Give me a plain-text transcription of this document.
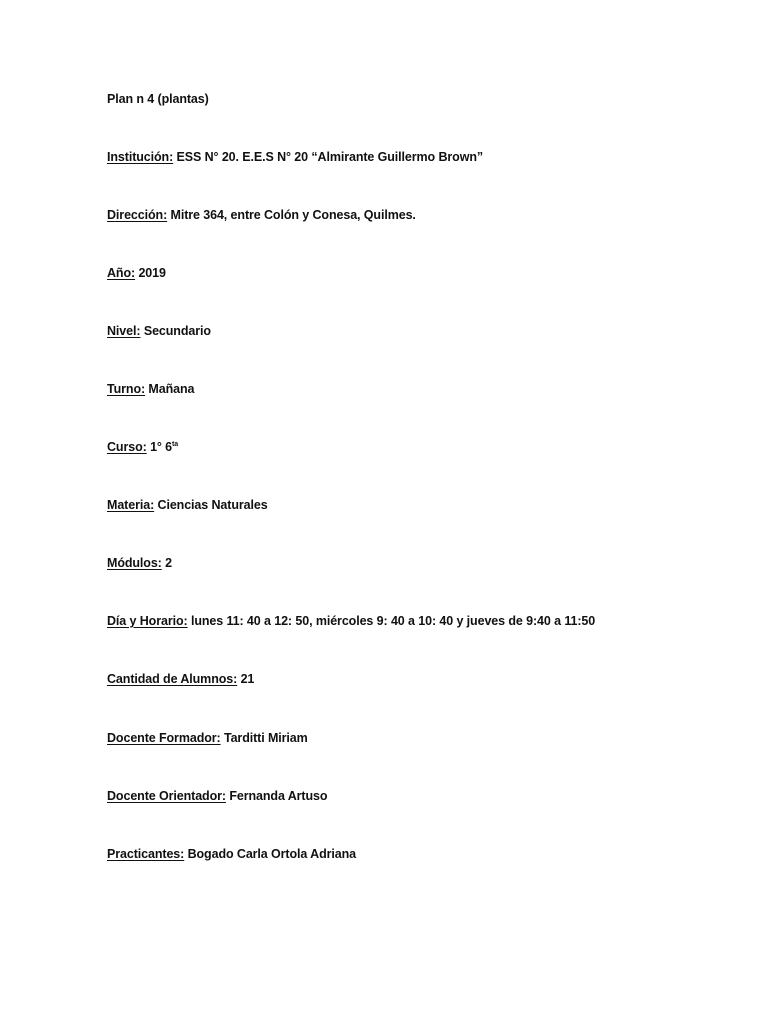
Plan n 4 (plantas)
Institución: ESS N° 20. E.E.S N° 20 “Almirante Guillermo Brown”
Dirección: Mitre 364, entre Colón y Conesa, Quilmes.
Año: 2019
Nivel: Secundario
Turno: Mañana
Curso: 1° $6^{ta}$
Materia: Ciencias Naturales
Módulos: 2
Día y Horario: lunes 11: 40 a 12: 50, miércoles 9: 40 a 10: 40 y jueves de 9:40 a 11:50
Cantidad de Alumnos: 21
Docente Formador: Tarditti Miriam
Docente Orientador: Fernanda Artuso
Practicantes: Bogado Carla Ortola Adriana
